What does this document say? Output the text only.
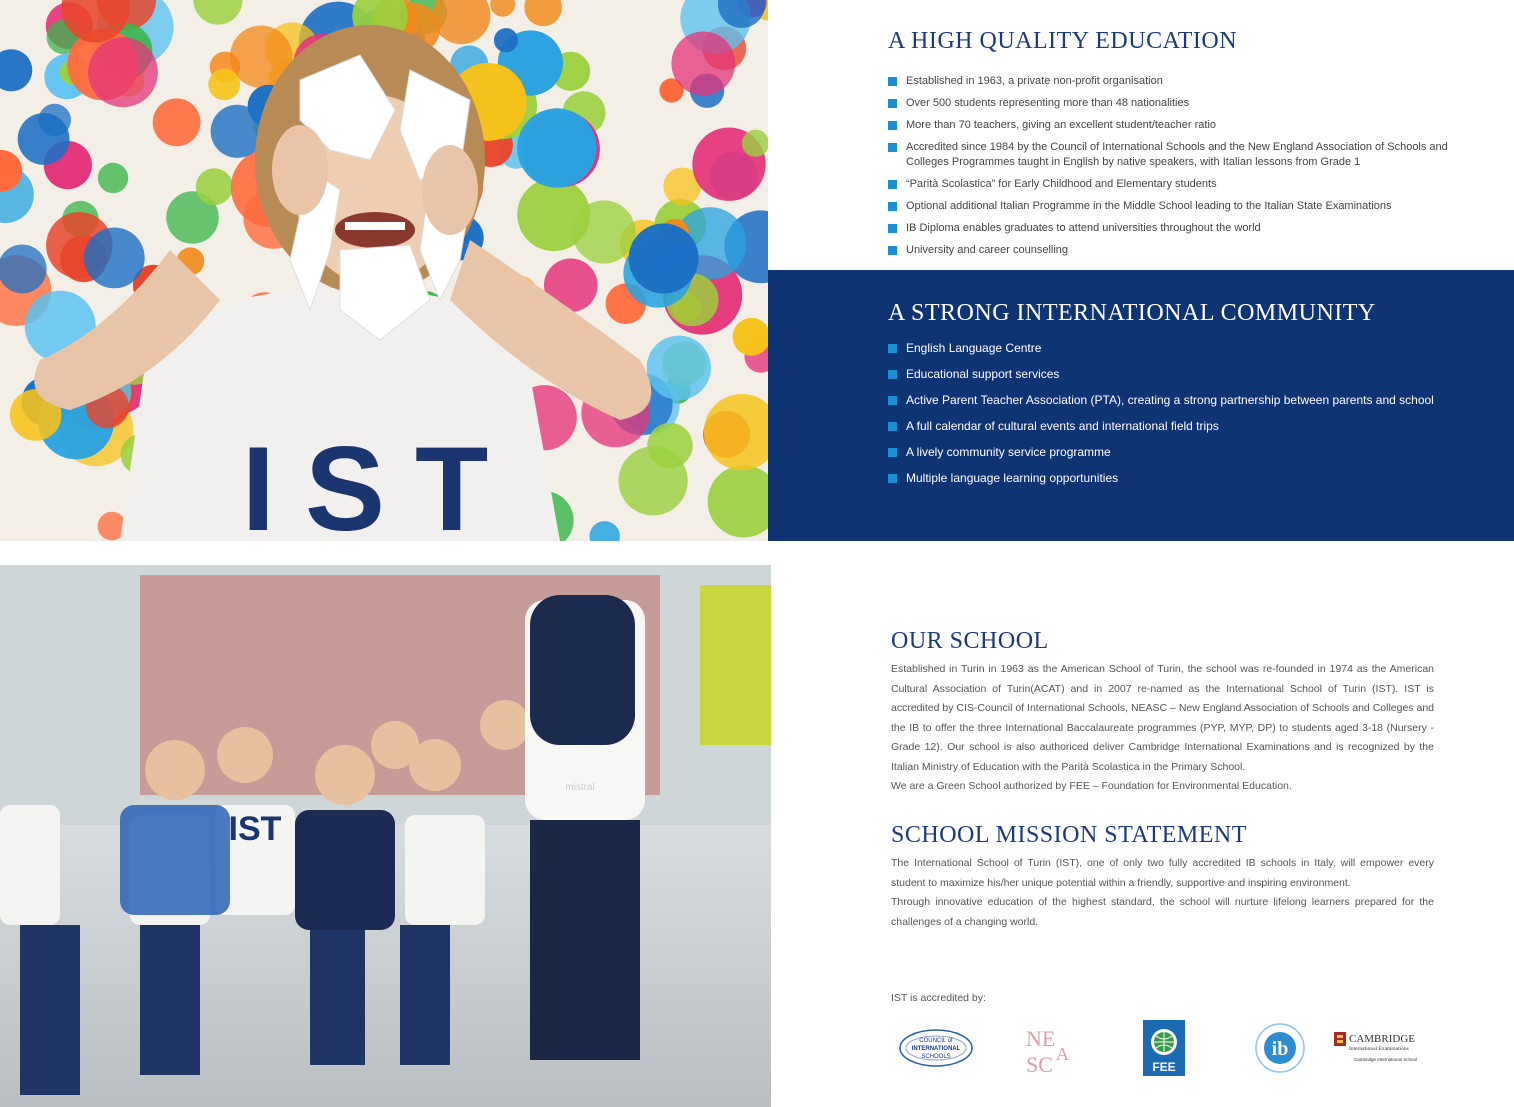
IST
A HIGH QUALITY EDUCATION
Established in 1963, a private non-profit organisation
Over 500 students representing more than 48 nationalities
More than 70 teachers, giving an excellent student/teacher ratio
Accredited since 1984 by the Council of International Schools and the New England Association of Schools and Colleges Programmes taught in English by native speakers, with Italian lessons from Grade 1
“Parità Scolastica” for Early Childhood and Elementary students
Optional additional Italian Programme in the Middle School leading to the Italian State Examinations
IB Diploma enables graduates to attend universities throughout the world
University and career counselling
A STRONG INTERNATIONAL COMMUNITY
English Language Centre
Educational support services
Active Parent Teacher Association (PTA), creating a strong partnership between parents and school
A full calendar of cultural events and international field trips
A lively community service programme
Multiple language learning opportunities
mistral
IST
OUR SCHOOL

Established in Turin in 1963 as the American School of Turin, the school was re-founded in 1974 as the American Cultural Association of Turin(ACAT) and in 2007 re-named as the International School of Turin (IST). IST is accredited by CIS-Council of International Schools, NEASC – New England Association of Schools and Colleges and the IB to offer the three International Baccalaureate programmes (PYP, MYP, DP) to students aged 3-18 (Nursery - Grade 12). Our school is also authoriced deliver Cambridge International Examinations and is recognized by the Italian Ministry of Education with the Parità Scolastica in the Primary School.

We are a Green School authorized by FEE – Foundation for Environmental Education.

SCHOOL MISSION STATEMENT

The International School of Turin (IST), one of only two fully accredited IB schools in Italy, will empower every student to maximize his/her unique potential within a friendly, supportive and inspiring environment.

Through innovative education of the highest standard, the school will nurture lifelong learners prepared for the challenges of a changing world.

IST is accredited by:
COUNCIL of
INTERNATIONAL
SCHOOLS
NE
SC A
FEE
ib	CAMBRIDGE
International Examinations
Cambridge International School
